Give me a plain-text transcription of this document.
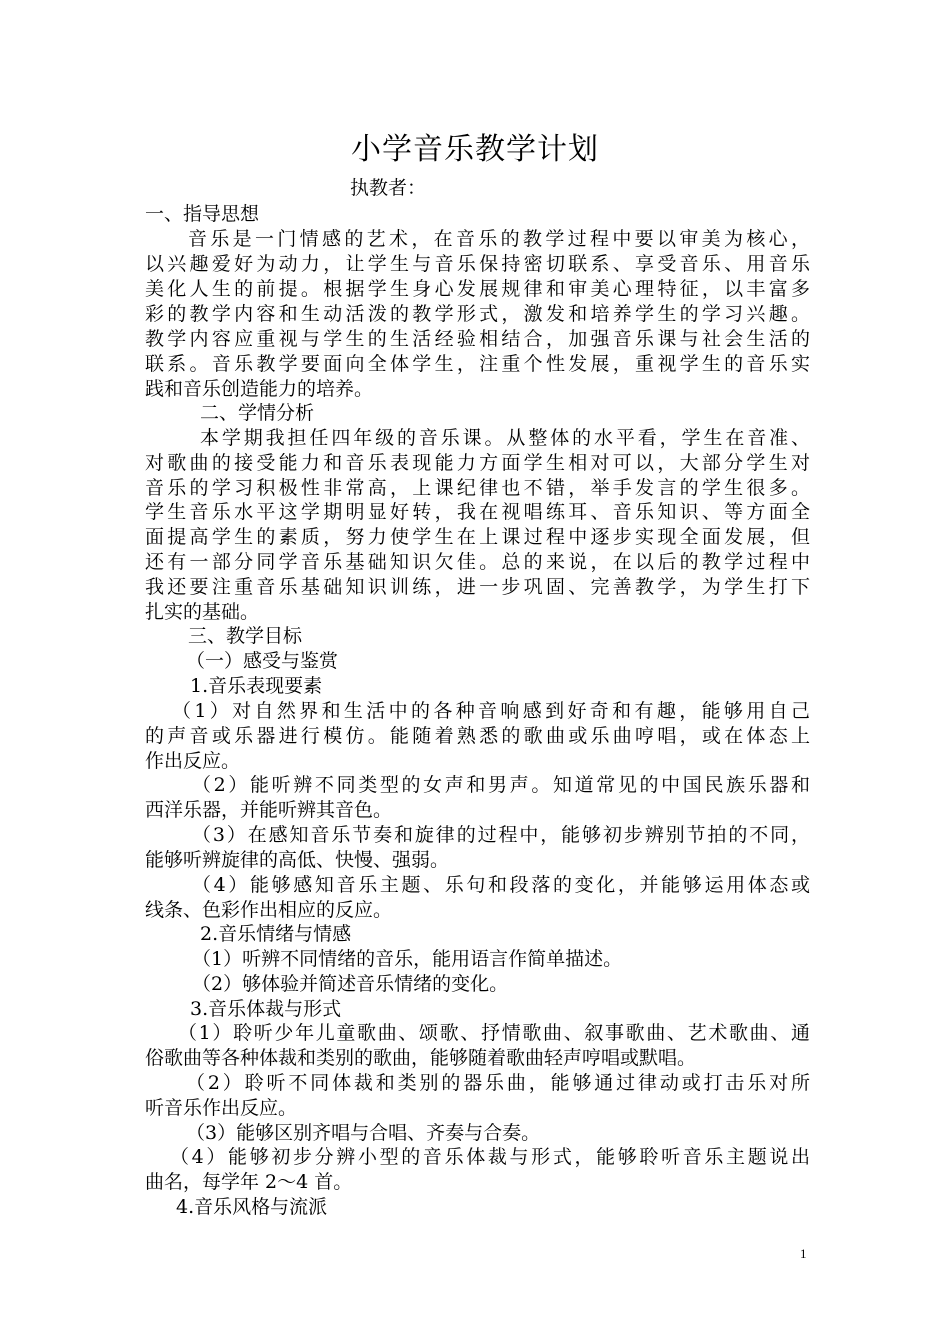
小学音乐教学计划
执教者：
一、指导思想
音乐是一门情感的艺术，在音乐的教学过程中要以审美为核心，
以兴趣爱好为动力，让学生与音乐保持密切联系、享受音乐、用音乐
美化人生的前提。根据学生身心发展规律和审美心理特征，以丰富多
彩的教学内容和生动活泼的教学形式，激发和培养学生的学习兴趣。
教学内容应重视与学生的生活经验相结合，加强音乐课与社会生活的
联系。音乐教学要面向全体学生，注重个性发展，重视学生的音乐实
践和音乐创造能力的培养。
二、学情分析
本学期我担任四年级的音乐课。从整体的水平看，学生在音准、
对歌曲的接受能力和音乐表现能力方面学生相对可以，大部分学生对
音乐的学习积极性非常高，上课纪律也不错，举手发言的学生很多。
学生音乐水平这学期明显好转，我在视唱练耳、音乐知识、等方面全
面提高学生的素质，努力使学生在上课过程中逐步实现全面发展，但
还有一部分同学音乐基础知识欠佳。总的来说，在以后的教学过程中
我还要注重音乐基础知识训练，进一步巩固、完善教学，为学生打下
扎实的基础。
三、教学目标
（一）感受与鉴赏
1.音乐表现要素
（1）对自然界和生活中的各种音响感到好奇和有趣，能够用自己
的声音或乐器进行模仿。能随着熟悉的歌曲或乐曲哼唱，或在体态上
作出反应。
（2）能听辨不同类型的女声和男声。知道常见的中国民族乐器和
西洋乐器，并能听辨其音色。
（3）在感知音乐节奏和旋律的过程中，能够初步辨别节拍的不同，
能够听辨旋律的高低、快慢、强弱。
（4）能够感知音乐主题、乐句和段落的变化，并能够运用体态或
线条、色彩作出相应的反应。
2.音乐情绪与情感
（1）听辨不同情绪的音乐，能用语言作简单描述。
（2）够体验并简述音乐情绪的变化。
3.音乐体裁与形式
（1）聆听少年儿童歌曲、颂歌、抒情歌曲、叙事歌曲、艺术歌曲、通
俗歌曲等各种体裁和类别的歌曲，能够随着歌曲轻声哼唱或默唱。
（2）聆听不同体裁和类别的器乐曲，能够通过律动或打击乐对所
听音乐作出反应。
（3）能够区别齐唱与合唱、齐奏与合奏。
（4）能够初步分辨小型的音乐体裁与形式，能够聆听音乐主题说出
曲名，每学年 2～4 首。
4.音乐风格与流派
1
